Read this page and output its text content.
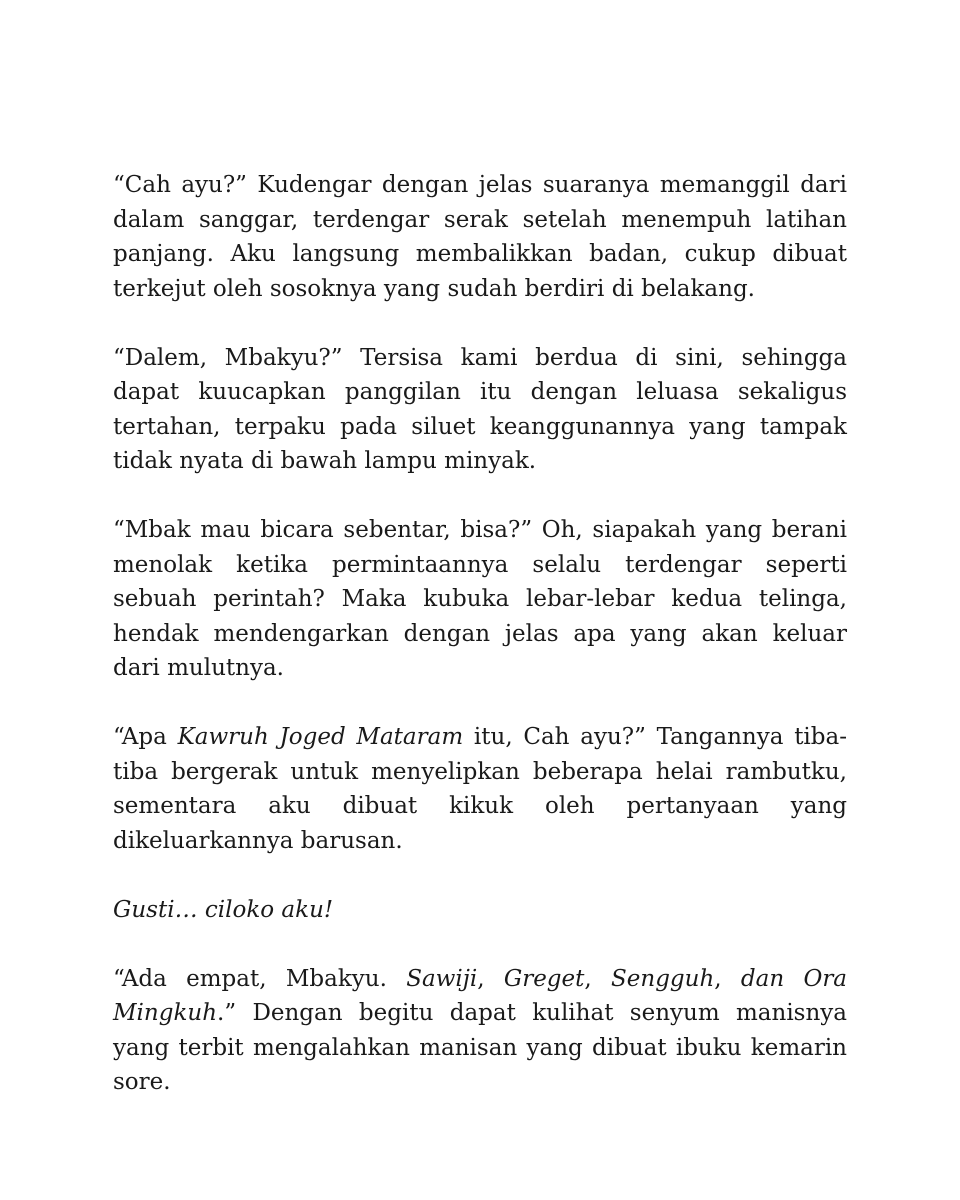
“Cah ayu?” Kudengar dengan jelas suaranya memanggil dari dalam sanggar, terdengar serak setelah menempuh latihan panjang. Aku langsung membalikkan badan, cukup dibuat terkejut oleh sosoknya yang sudah berdiri di belakang.

“Dalem, Mbakyu?” Tersisa kami berdua di sini, sehingga dapat kuucapkan panggilan itu dengan leluasa sekaligus tertahan, terpaku pada siluet keanggunannya yang tampak tidak nyata di bawah lampu minyak.

“Mbak mau bicara sebentar, bisa?” Oh, siapakah yang berani menolak ketika permintaannya selalu terdengar seperti sebuah perintah? Maka kubuka lebar-lebar kedua telinga, hendak mendengarkan dengan jelas apa yang akan keluar dari mulutnya.

“Apa Kawruh Joged Mataram itu, Cah ayu?” Tangannya tiba-tiba bergerak untuk menyelipkan beberapa helai rambutku, sementara aku dibuat kikuk oleh pertanyaan yang dikeluarkannya barusan.

Gusti… ciloko aku!

“Ada empat, Mbakyu. Sawiji, Greget, Sengguh, dan Ora Mingkuh.” Dengan begitu dapat kulihat senyum manisnya yang terbit mengalahkan manisan yang dibuat ibuku kemarin sore.
